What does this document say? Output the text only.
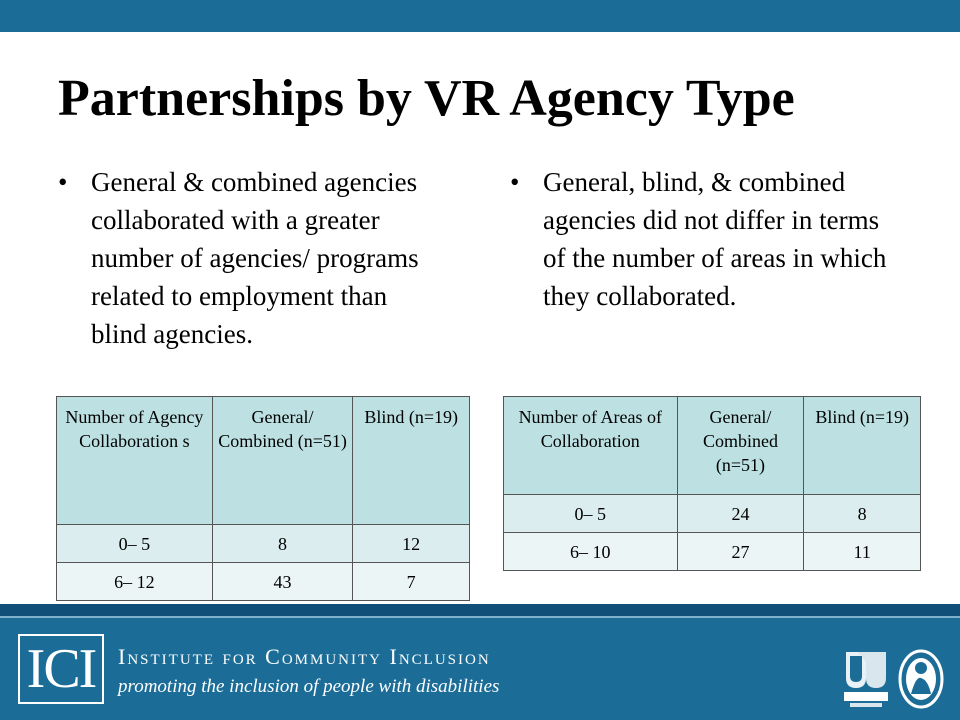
Partnerships by VR Agency Type
• General & combined agencies collaborated with a greater number of agencies/ programs related to employment than blind agencies.
• General, blind, & combined agencies did not differ in terms of the number of areas in which they collaborated.
Number of Agency Collaboration s	General/ Combined (n=51)	Blind (n=19)
0– 5	8	12
6– 12	43	7
Number of Areas of Collaboration	General/ Combined (n=51)	Blind (n=19)
0– 5	24	8
6– 10	27	11
ICI Institute for Community Inclusion
promoting the inclusion of people with disabilities
